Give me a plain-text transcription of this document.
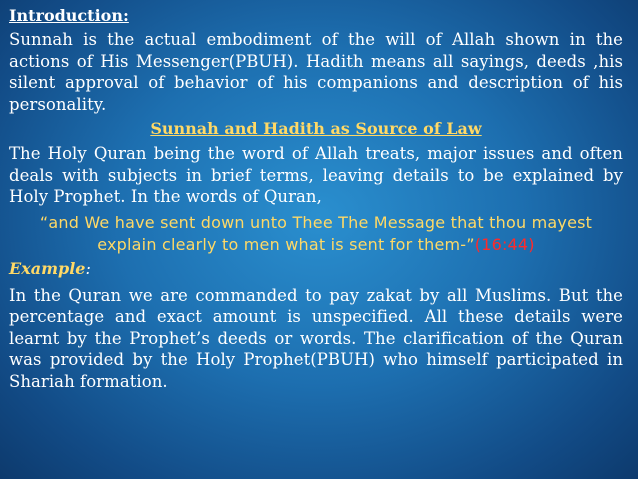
Introduction:

Sunnah is the actual embodiment of the will of Allah shown in the actions of His Messenger(PBUH). Hadith means all sayings, deeds ,his silent approval of behavior of his companions and description of his personality.

Sunnah and Hadith as Source of Law

The Holy Quran being the word of Allah treats, major issues and often deals with subjects in brief terms, leaving details to be explained by Holy Prophet. In the words of Quran,

“and We have sent down unto Thee The Message that thou mayest explain clearly to men what is sent for them-”(16:44)
Example:

In the Quran we are commanded to pay zakat by all Muslims. But the percentage and exact amount is unspecified. All these details were learnt by the Prophet’s deeds or words. The clarification of the Quran was provided by the Holy Prophet(PBUH) who himself participated in Shariah formation.
